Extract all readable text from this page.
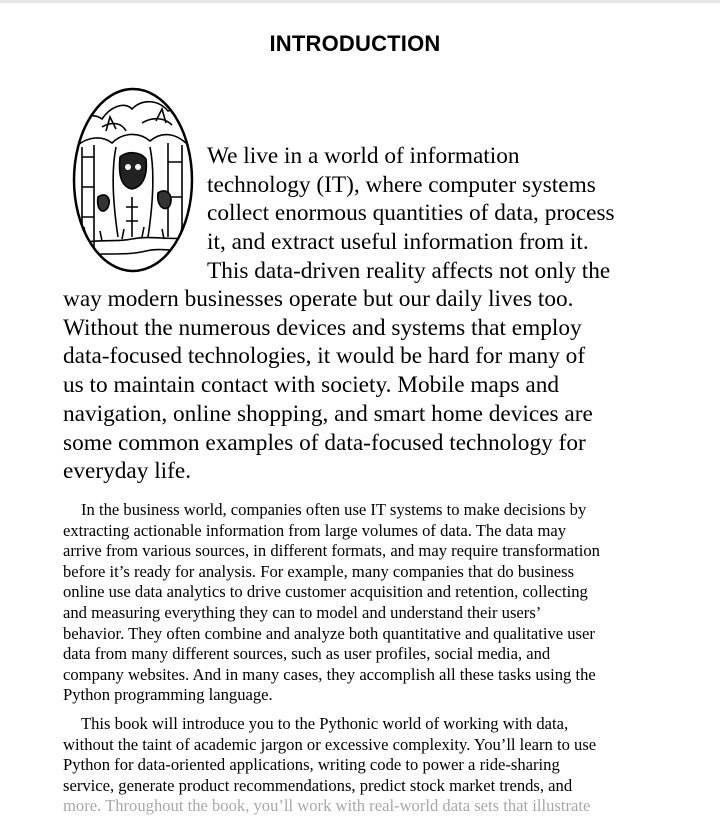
INTRODUCTION

We live in a world of information
technology (IT), where computer systems
collect enormous quantities of data, process
it, and extract useful information from it.
This data-driven reality affects not only the

way modern businesses operate but our daily lives too.
Without the numerous devices and systems that employ
data-focused technologies, it would be hard for many of
us to maintain contact with society. Mobile maps and
navigation, online shopping, and smart home devices are
some common examples of data-focused technology for
everyday life.

In the business world, companies often use IT systems to make decisions by
extracting actionable information from large volumes of data. The data may
arrive from various sources, in different formats, and may require transformation
before it’s ready for analysis. For example, many companies that do business
online use data analytics to drive customer acquisition and retention, collecting
and measuring everything they can to model and understand their users’
behavior. They often combine and analyze both quantitative and qualitative user
data from many different sources, such as user profiles, social media, and
company websites. And in many cases, they accomplish all these tasks using the
Python programming language.

This book will introduce you to the Pythonic world of working with data,
without the taint of academic jargon or excessive complexity. You’ll learn to use
Python for data-oriented applications, writing code to power a ride-sharing
service, generate product recommendations, predict stock market trends, and
more. Throughout the book, you’ll work with real-world data sets that illustrate
